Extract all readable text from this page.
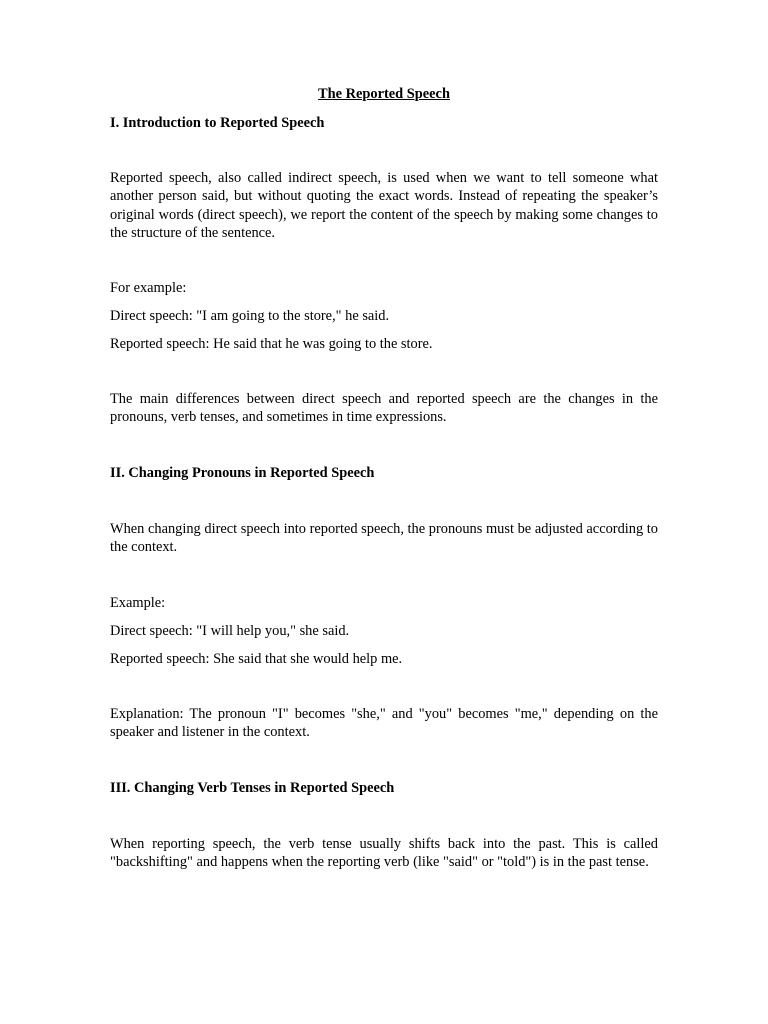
The Reported Speech

I. Introduction to Reported Speech

Reported speech, also called indirect speech, is used when we want to tell someone what another person said, but without quoting the exact words. Instead of repeating the speaker’s original words (direct speech), we report the content of the speech by making some changes to the structure of the sentence.

For example:

Direct speech: "I am going to the store," he said.

Reported speech: He said that he was going to the store.

The main differences between direct speech and reported speech are the changes in the pronouns, verb tenses, and sometimes in time expressions.

II. Changing Pronouns in Reported Speech

When changing direct speech into reported speech, the pronouns must be adjusted according to the context.

Example:

Direct speech: "I will help you," she said.

Reported speech: She said that she would help me.

Explanation: The pronoun "I" becomes "she," and "you" becomes "me," depending on the speaker and listener in the context.

III. Changing Verb Tenses in Reported Speech

When reporting speech, the verb tense usually shifts back into the past. This is called "backshifting" and happens when the reporting verb (like "said" or "told") is in the past tense.
